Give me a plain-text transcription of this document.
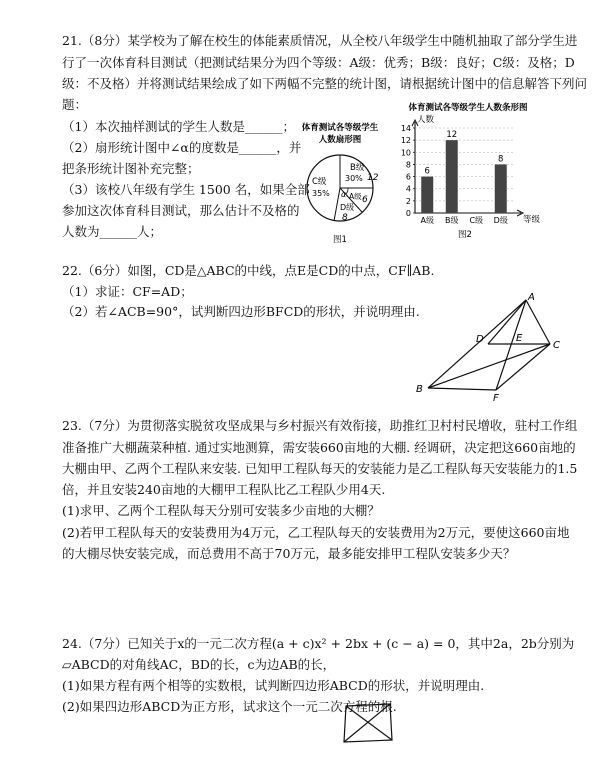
21.（8分）某学校为了解在校生的体能素质情况，从全校八年级学生中随机抽取了部分学生进
行了一次体育科目测试（把测试结果分为四个等级：A级：优秀；B级：良好；C级：及格；D
级：不及格）并将测试结果绘成了如下两幅不完整的统计图，请根据统计图中的信息解答下列问
题：
（1）本次抽样测试的学生人数是______；
（2）扇形统计图中∠α的度数是______，并
把条形统计图补充完整；
（3）该校八年级有学生 1500 名，如果全部
参加这次体育科目测试，那么估计不及格的
人数为______人；
体育测试各等级学生
人数扇形图
B级
30% 12
C级
35% α A级 6
D级
8
图1
体育测试各等级学生人数条形图
人数
0
2
4
6
8
10
12
14
6
A级
12
B级 C级
8
D级 等级
图2
22.（6分）如图，CD是△ABC的中线，点E是CD的中点，CF∥AB.
（1）求证：CF=AD；
（2）若∠ACB=90°，试判断四边形BFCD的形状，并说明理由.
A
B
C
D	E
F
23.（7分）为贯彻落实脱贫攻坚成果与乡村振兴有效衔接，助推红卫村村民增收，驻村工作组
准备推广大棚蔬菜种植. 通过实地测算，需安装660亩地的大棚. 经调研，决定把这660亩地的
大棚由甲、乙两个工程队来安装. 已知甲工程队每天的安装能力是乙工程队每天安装能力的1.5
倍，并且安装240亩地的大棚甲工程队比乙工程队少用4天.
(1)求甲、乙两个工程队每天分别可安装多少亩地的大棚？
(2)若甲工程队每天的安装费用为4万元，乙工程队每天的安装费用为2万元，要使这660亩地
的大棚尽快安装完成，而总费用不高于70万元，最多能安排甲工程队安装多少天？
24.（7分）已知关于x的一元二次方程(a + c)x² + 2bx + (c − a) = 0，其中2a，2b分别为
▱ABCD的对角线AC，BD的长，c为边AB的长，
(1)如果方程有两个相等的实数根，试判断四边形ABCD的形状，并说明理由.
(2)如果四边形ABCD为正方形，试求这个一元二次方程的根.
